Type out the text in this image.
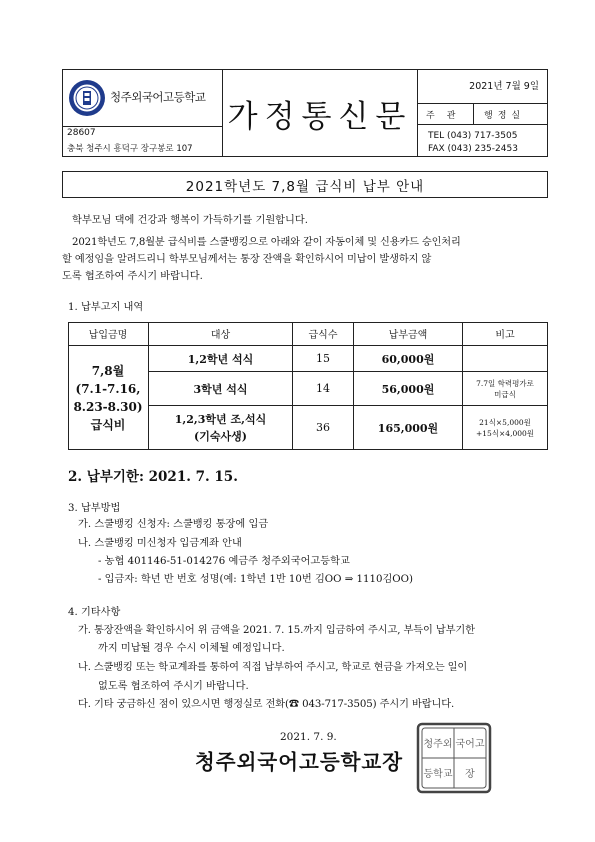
청주외국어고등학교
28607
충북 청주시 흥덕구 장구봉로 107
가정통신문
2021년 7월 9일
주관 행정실
TEL (043) 717-3505
FAX (043) 235-2453
2021학년도 7,8월 급식비 납부 안내
학부모님 댁에 건강과 행복이 가득하기를 기원합니다.
2021학년도 7,8월분 급식비를 스쿨뱅킹으로 아래와 같이 자동이체 및 신용카드 승인처리
할 예정임을 알려드리니 학부모님께서는 통장 잔액을 확인하시어 미납이 발생하지 않
도록 협조하여 주시기 바랍니다.
1. 납부고지 내역
납입금명	대상	급식수	납부금액	비고
7,8월
(7.1-7.16,
8.23-8.30)
급식비
1,2학년 석식	15	60,000원
3학년 석식	14	56,000원	7.7일 학력평가로
미급식
1,2,3학년 조,석식
(기숙사생)
36	165,000원	21식×5,000원
+15식×4,000원
2. 납부기한: 2021. 7. 15.
3. 납부방법
가. 스쿨뱅킹 신청자: 스쿨뱅킹 통장에 입금
나. 스쿨뱅킹 미신청자 입금계좌 안내
- 농협 401146-51-014276 예금주 청주외국어고등학교
- 입금자: 학년 반 번호 성명(예: 1학년 1반 10번 김OO ⇒ 1110김OO)
4. 기타사항
가. 통장잔액을 확인하시어 위 금액을 2021. 7. 15.까지 입금하여 주시고, 부득이 납부기한
까지 미납될 경우 수시 이체될 예정입니다.
나. 스쿨뱅킹 또는 학교계좌를 통하여 직접 납부하여 주시고, 학교로 현금을 가져오는 일이
없도록 협조하여 주시기 바랍니다.
다. 기타 궁금하신 점이 있으시면 행정실로 전화(☎ 043-717-3505) 주시기 바랍니다.
2021. 7. 9.
청주외국어고등학교장
청주외 국어고
등학교 장
